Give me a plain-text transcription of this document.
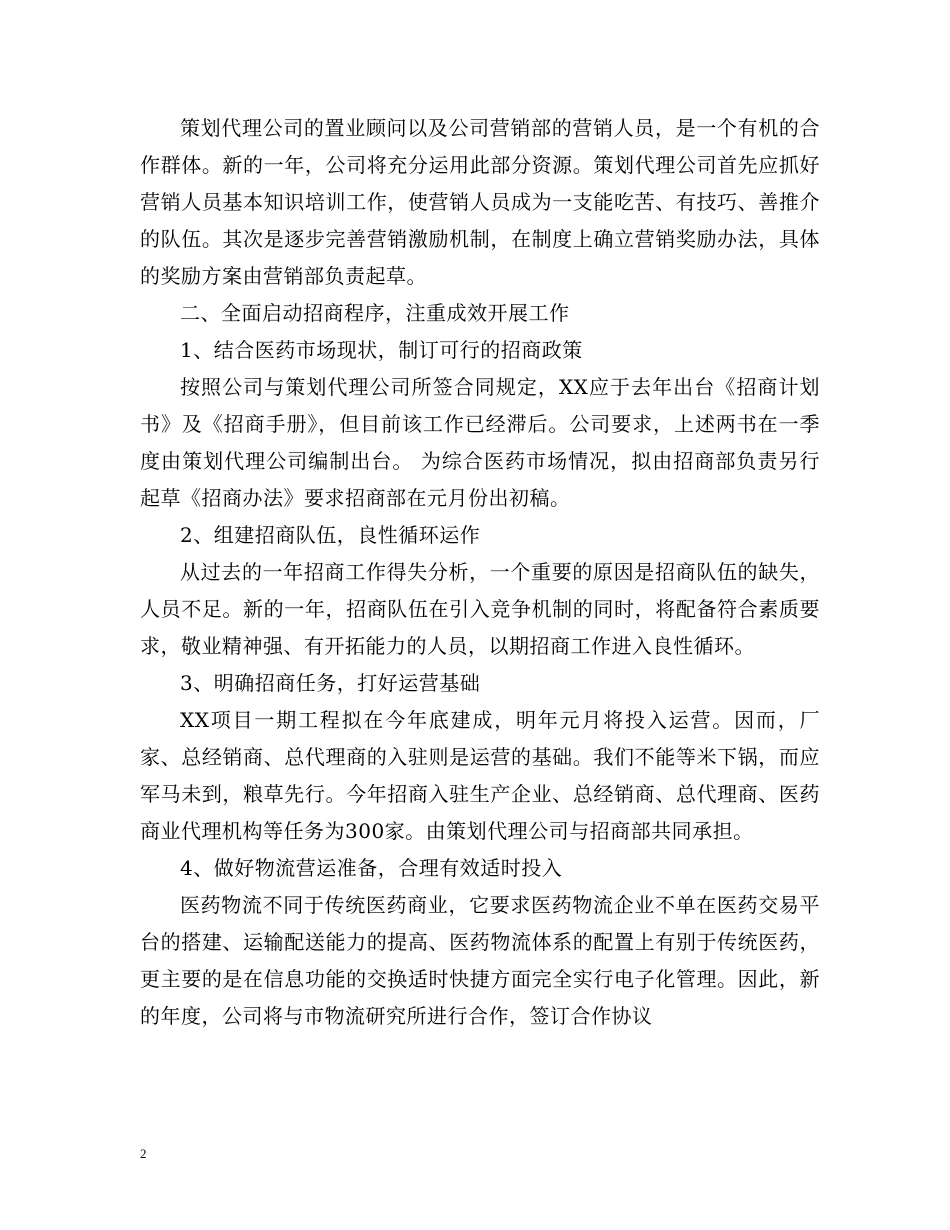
策划代理公司的置业顾问以及公司营销部的营销人员，是一个有机的合作群体。新的一年，公司将充分运用此部分资源。策划代理公司首先应抓好营销人员基本知识培训工作，使营销人员成为一支能吃苦、有技巧、善推介的队伍。其次是逐步完善营销激励机制，在制度上确立营销奖励办法，具体的奖励方案由营销部负责起草。

二、全面启动招商程序，注重成效开展工作

1、结合医药市场现状，制订可行的招商政策

按照公司与策划代理公司所签合同规定，XX应于去年出台《招商计划书》及《招商手册》，但目前该工作已经滞后。公司要求，上述两书在一季度由策划代理公司编制出台。 为综合医药市场情况，拟由招商部负责另行起草《招商办法》要求招商部在元月份出初稿。

2、组建招商队伍，良性循环运作

从过去的一年招商工作得失分析，一个重要的原因是招商队伍的缺失，人员不足。新的一年，招商队伍在引入竞争机制的同时，将配备符合素质要求，敬业精神强、有开拓能力的人员，以期招商工作进入良性循环。

3、明确招商任务，打好运营基础

XX项目一期工程拟在今年底建成，明年元月将投入运营。因而，厂家、总经销商、总代理商的入驻则是运营的基础。我们不能等米下锅，而应军马未到，粮草先行。今年招商入驻生产企业、总经销商、总代理商、医药商业代理机构等任务为300家。由策划代理公司与招商部共同承担。

4、做好物流营运准备，合理有效适时投入

医药物流不同于传统医药商业，它要求医药物流企业不单在医药交易平台的搭建、运输配送能力的提高、医药物流体系的配置上有别于传统医药，更主要的是在信息功能的交换适时快捷方面完全实行电子化管理。因此，新的年度，公司将与市物流研究所进行合作，签订合作协议

2
